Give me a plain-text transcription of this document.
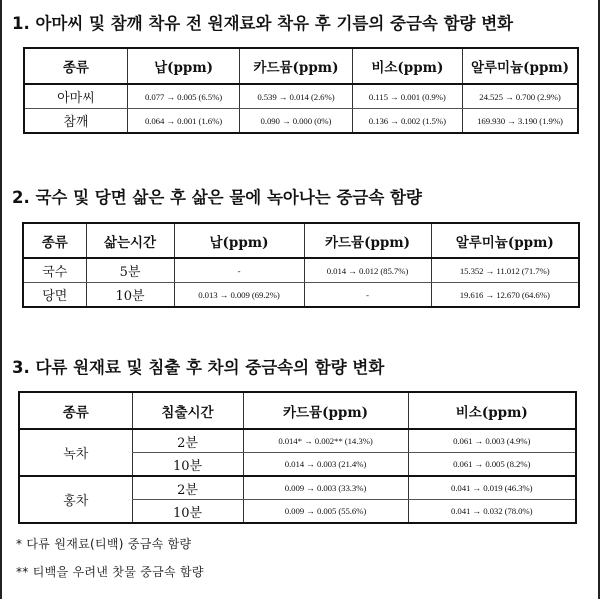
1. 아마씨 및 참깨 착유 전 원재료와 착유 후 기름의 중금속 함량 변화
종류	납(ppm)	카드뮴(ppm)	비소(ppm)	알루미늄(ppm)
아마씨	0.077 → 0.005 (6.5%)	0.539 → 0.014 (2.6%)	0.115 → 0.001 (0.9%)	24.525 → 0.700 (2.9%)
참깨	0.064 → 0.001 (1.6%)	0.090 → 0.000 (0%)	0.136 → 0.002 (1.5%)	169.930 → 3.190 (1.9%)
2. 국수 및 당면 삶은 후 삶은 물에 녹아나는 중금속 함량
종류	삶는시간	납(ppm)	카드뮴(ppm)	알루미늄(ppm)
국수	5분	-	0.014 → 0.012 (85.7%)	15.352 → 11.012 (71.7%)
당면	10분	0.013 → 0.009 (69.2%)	-	19.616 → 12.670 (64.6%)
3. 다류 원재료 및 침출 후 차의 중금속의 함량 변화
종류	침출시간	카드뮴(ppm)	비소(ppm)
녹차	2분	0.014* → 0.002** (14.3%)	0.061 → 0.003 (4.9%)
	10분	0.014 → 0.003 (21.4%)	0.061 → 0.005 (8.2%)
홍차	2분	0.009 → 0.003 (33.3%)	0.041 → 0.019 (46.3%)
	10분	0.009 → 0.005 (55.6%)	0.041 → 0.032 (78.0%)
* 다류 원재료(티백) 중금속 함량
** 티백을 우려낸 찻물 중금속 함량
